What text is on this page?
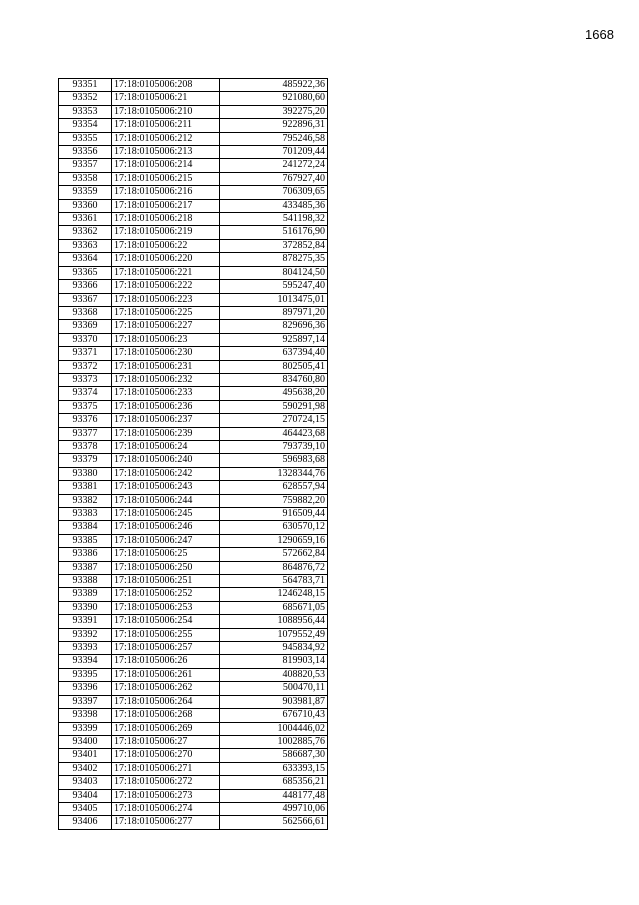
1668
93351	17:18:0105006:208	485922,36
93352	17:18:0105006:21	921080,60
93353	17:18:0105006:210	392275,20
93354	17:18:0105006:211	922896,31
93355	17:18:0105006:212	795246,58
93356	17:18:0105006:213	701209,44
93357	17:18:0105006:214	241272,24
93358	17:18:0105006:215	767927,40
93359	17:18:0105006:216	706309,65
93360	17:18:0105006:217	433485,36
93361	17:18:0105006:218	541198,32
93362	17:18:0105006:219	516176,90
93363	17:18:0105006:22	372852,84
93364	17:18:0105006:220	878275,35
93365	17:18:0105006:221	804124,50
93366	17:18:0105006:222	595247,40
93367	17:18:0105006:223	1013475,01
93368	17:18:0105006:225	897971,20
93369	17:18:0105006:227	829696,36
93370	17:18:0105006:23	925897,14
93371	17:18:0105006:230	637394,40
93372	17:18:0105006:231	802505,41
93373	17:18:0105006:232	834760,80
93374	17:18:0105006:233	495638,20
93375	17:18:0105006:236	590291,98
93376	17:18:0105006:237	270724,15
93377	17:18:0105006:239	464423,68
93378	17:18:0105006:24	793739,10
93379	17:18:0105006:240	596983,68
93380	17:18:0105006:242	1328344,76
93381	17:18:0105006:243	628557,94
93382	17:18:0105006:244	759882,20
93383	17:18:0105006:245	916509,44
93384	17:18:0105006:246	630570,12
93385	17:18:0105006:247	1290659,16
93386	17:18:0105006:25	572662,84
93387	17:18:0105006:250	864876,72
93388	17:18:0105006:251	564783,71
93389	17:18:0105006:252	1246248,15
93390	17:18:0105006:253	685671,05
93391	17:18:0105006:254	1088956,44
93392	17:18:0105006:255	1079552,49
93393	17:18:0105006:257	945834,92
93394	17:18:0105006:26	819903,14
93395	17:18:0105006:261	408820,53
93396	17:18:0105006:262	500470,11
93397	17:18:0105006:264	903981,87
93398	17:18:0105006:268	676710,43
93399	17:18:0105006:269	1004446,02
93400	17:18:0105006:27	1002885,76
93401	17:18:0105006:270	586687,30
93402	17:18:0105006:271	633393,15
93403	17:18:0105006:272	685356,21
93404	17:18:0105006:273	448177,48
93405	17:18:0105006:274	499710,06
93406	17:18:0105006:277	562566,61
